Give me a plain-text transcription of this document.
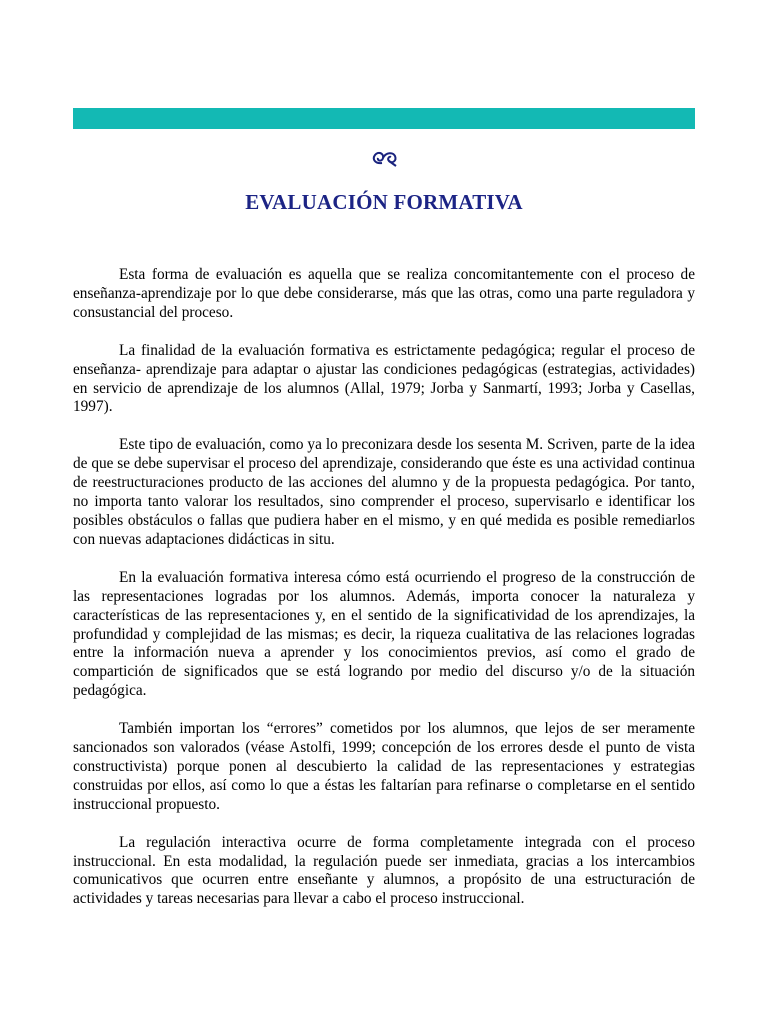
EVALUACIÓN FORMATIVA

Esta forma de evaluación es aquella que se realiza concomitantemente con el proceso de enseñanza-aprendizaje por lo que debe considerarse, más que las otras, como una parte reguladora y consustancial del proceso.

La finalidad de la evaluación formativa es estrictamente pedagógica; regular el proceso de enseñanza- aprendizaje para adaptar o ajustar las condiciones pedagógicas (estrategias, actividades) en servicio de aprendizaje de los alumnos (Allal, 1979; Jorba y Sanmartí, 1993; Jorba y Casellas, 1997).

Este tipo de evaluación, como ya lo preconizara desde los sesenta M. Scriven, parte de la idea de que se debe supervisar el proceso del aprendizaje, considerando que éste es una actividad continua de reestructuraciones producto de las acciones del alumno y de la propuesta pedagógica. Por tanto, no importa tanto valorar los resultados, sino comprender el proceso, supervisarlo e identificar los posibles obstáculos o fallas que pudiera haber en el mismo, y en qué medida es posible remediarlos con nuevas adaptaciones didácticas in situ.

En la evaluación formativa interesa cómo está ocurriendo el progreso de la construcción de las representaciones logradas por los alumnos. Además, importa conocer la naturaleza y características de las representaciones y, en el sentido de la significatividad de los aprendizajes, la profundidad y complejidad de las mismas; es decir, la riqueza cualitativa de las relaciones logradas entre la información nueva a aprender y los conocimientos previos, así como el grado de compartición de significados que se está logrando por medio del discurso y/o de la situación pedagógica.

También importan los “errores” cometidos por los alumnos, que lejos de ser meramente sancionados son valorados (véase Astolfi, 1999; concepción de los errores desde el punto de vista constructivista) porque ponen al descubierto la calidad de las representaciones y estrategias construidas por ellos, así como lo que a éstas les faltarían para refinarse o completarse en el sentido instruccional propuesto.

La regulación interactiva ocurre de forma completamente integrada con el proceso instruccional. En esta modalidad, la regulación puede ser inmediata, gracias a los intercambios comunicativos que ocurren entre enseñante y alumnos, a propósito de una estructuración de actividades y tareas necesarias para llevar a cabo el proceso instruccional.
